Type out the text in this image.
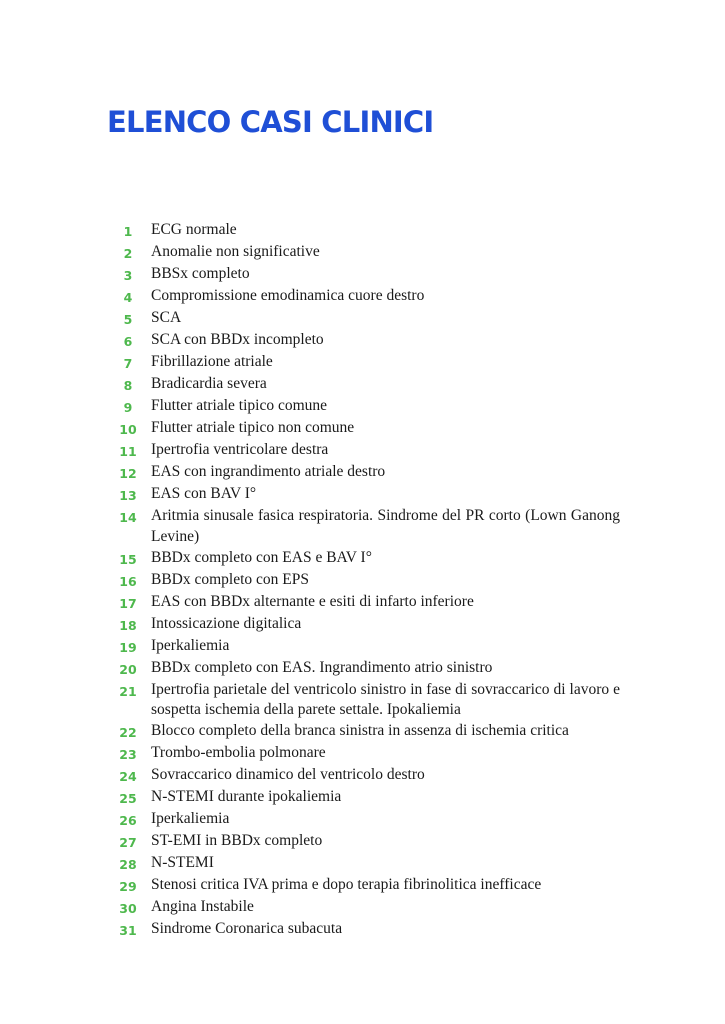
ELENCO CASI CLINICI
1	ECG normale
2	Anomalie non significative
3	BBSx completo
4	Compromissione emodinamica cuore destro
5	SCA
6	SCA con BBDx incompleto
7	Fibrillazione atriale
8	Bradicardia severa
9	Flutter atriale tipico comune
10 Flutter atriale tipico non comune
11 Ipertrofia ventricolare destra
12 EAS con ingrandimento atriale destro
13 EAS con BAV I°
14 Aritmia sinusale fasica respiratoria. Sindrome del PR corto (Lown Ganong Levine)
15 BBDx completo con EAS e BAV I°
16 BBDx completo con EPS
17 EAS con BBDx alternante e esiti di infarto inferiore
18 Intossicazione digitalica
19 Iperkaliemia
20 BBDx completo con EAS. Ingrandimento atrio sinistro
21 Ipertrofia parietale del ventricolo sinistro in fase di sovraccarico di lavoro e sospetta ischemia della parete settale. Ipokaliemia
22 Blocco completo della branca sinistra in assenza di ischemia critica
23 Trombo-embolia polmonare
24 Sovraccarico dinamico del ventricolo destro
25 N-STEMI durante ipokaliemia
26 Iperkaliemia
27 ST-EMI in BBDx completo
28 N-STEMI
29 Stenosi critica IVA prima e dopo terapia fibrinolitica inefficace
30 Angina Instabile
31 Sindrome Coronarica subacuta
